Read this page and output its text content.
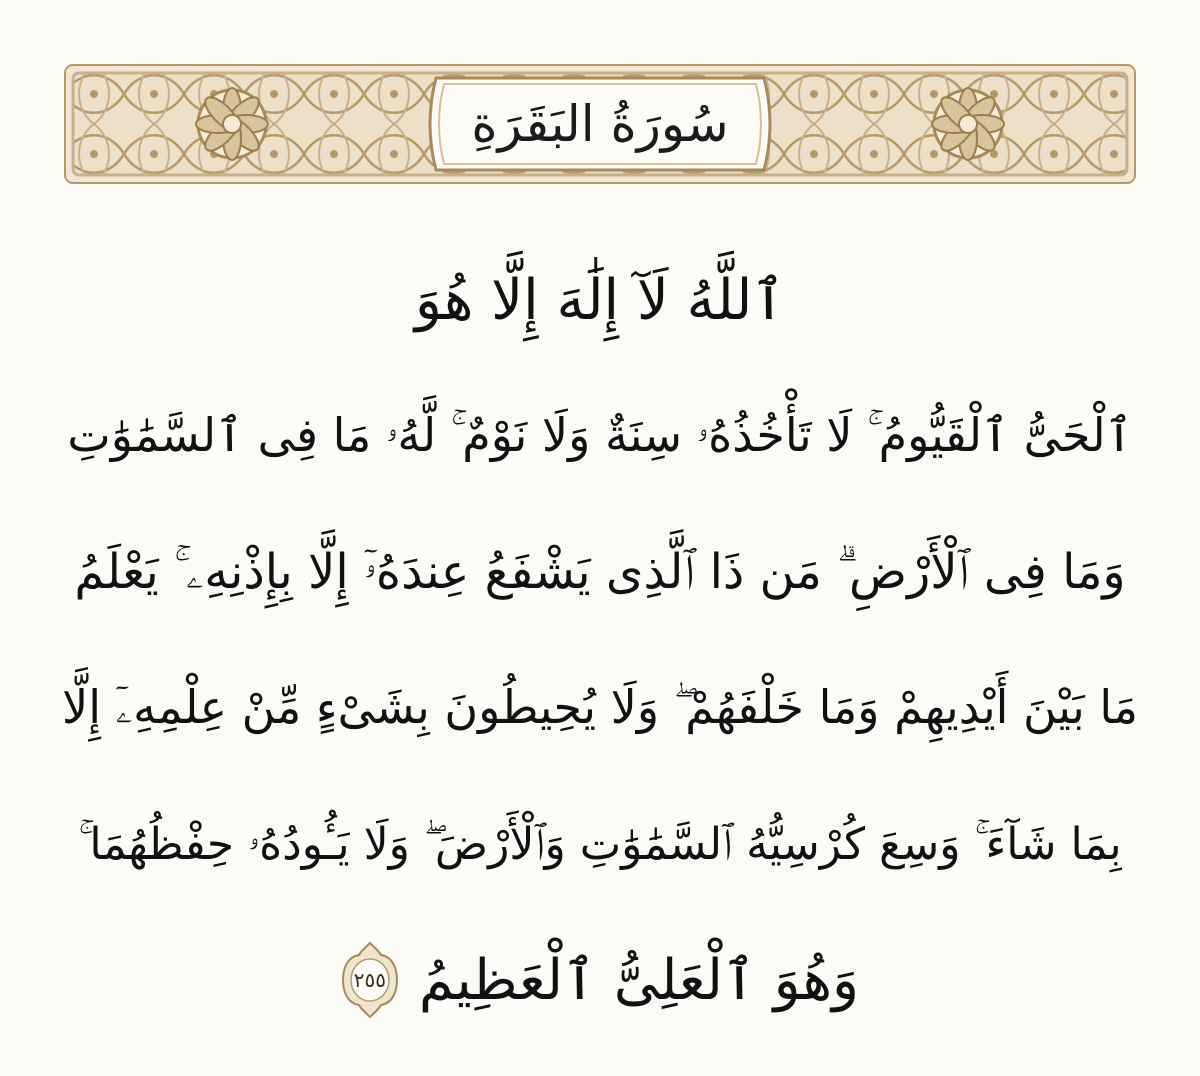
سُورَةُ البَقَرَةِ
ٱللَّهُ لَآ إِلَٰهَ إِلَّا هُوَ
ٱلْحَىُّ ٱلْقَيُّومُ ۚ لَا تَأْخُذُهُۥ سِنَةٌ وَلَا نَوْمٌ ۚ لَّهُۥ مَا فِى ٱلسَّمَٰوَٰتِ
وَمَا فِى ٱلْأَرْضِ ۗ مَن ذَا ٱلَّذِى يَشْفَعُ عِندَهُۥٓ إِلَّا بِإِذْنِهِۦ ۚ يَعْلَمُ
مَا بَيْنَ أَيْدِيهِمْ وَمَا خَلْفَهُمْ ۖ وَلَا يُحِيطُونَ بِشَىْءٍ مِّنْ عِلْمِهِۦٓ إِلَّا
بِمَا شَآءَ ۚ وَسِعَ كُرْسِيُّهُ ٱلسَّمَٰوَٰتِ وَٱلْأَرْضَ ۖ وَلَا يَـُٔودُهُۥ حِفْظُهُمَا ۚ
وَهُوَ ٱلْعَلِىُّ ٱلْعَظِيمُ
٢٥٥
